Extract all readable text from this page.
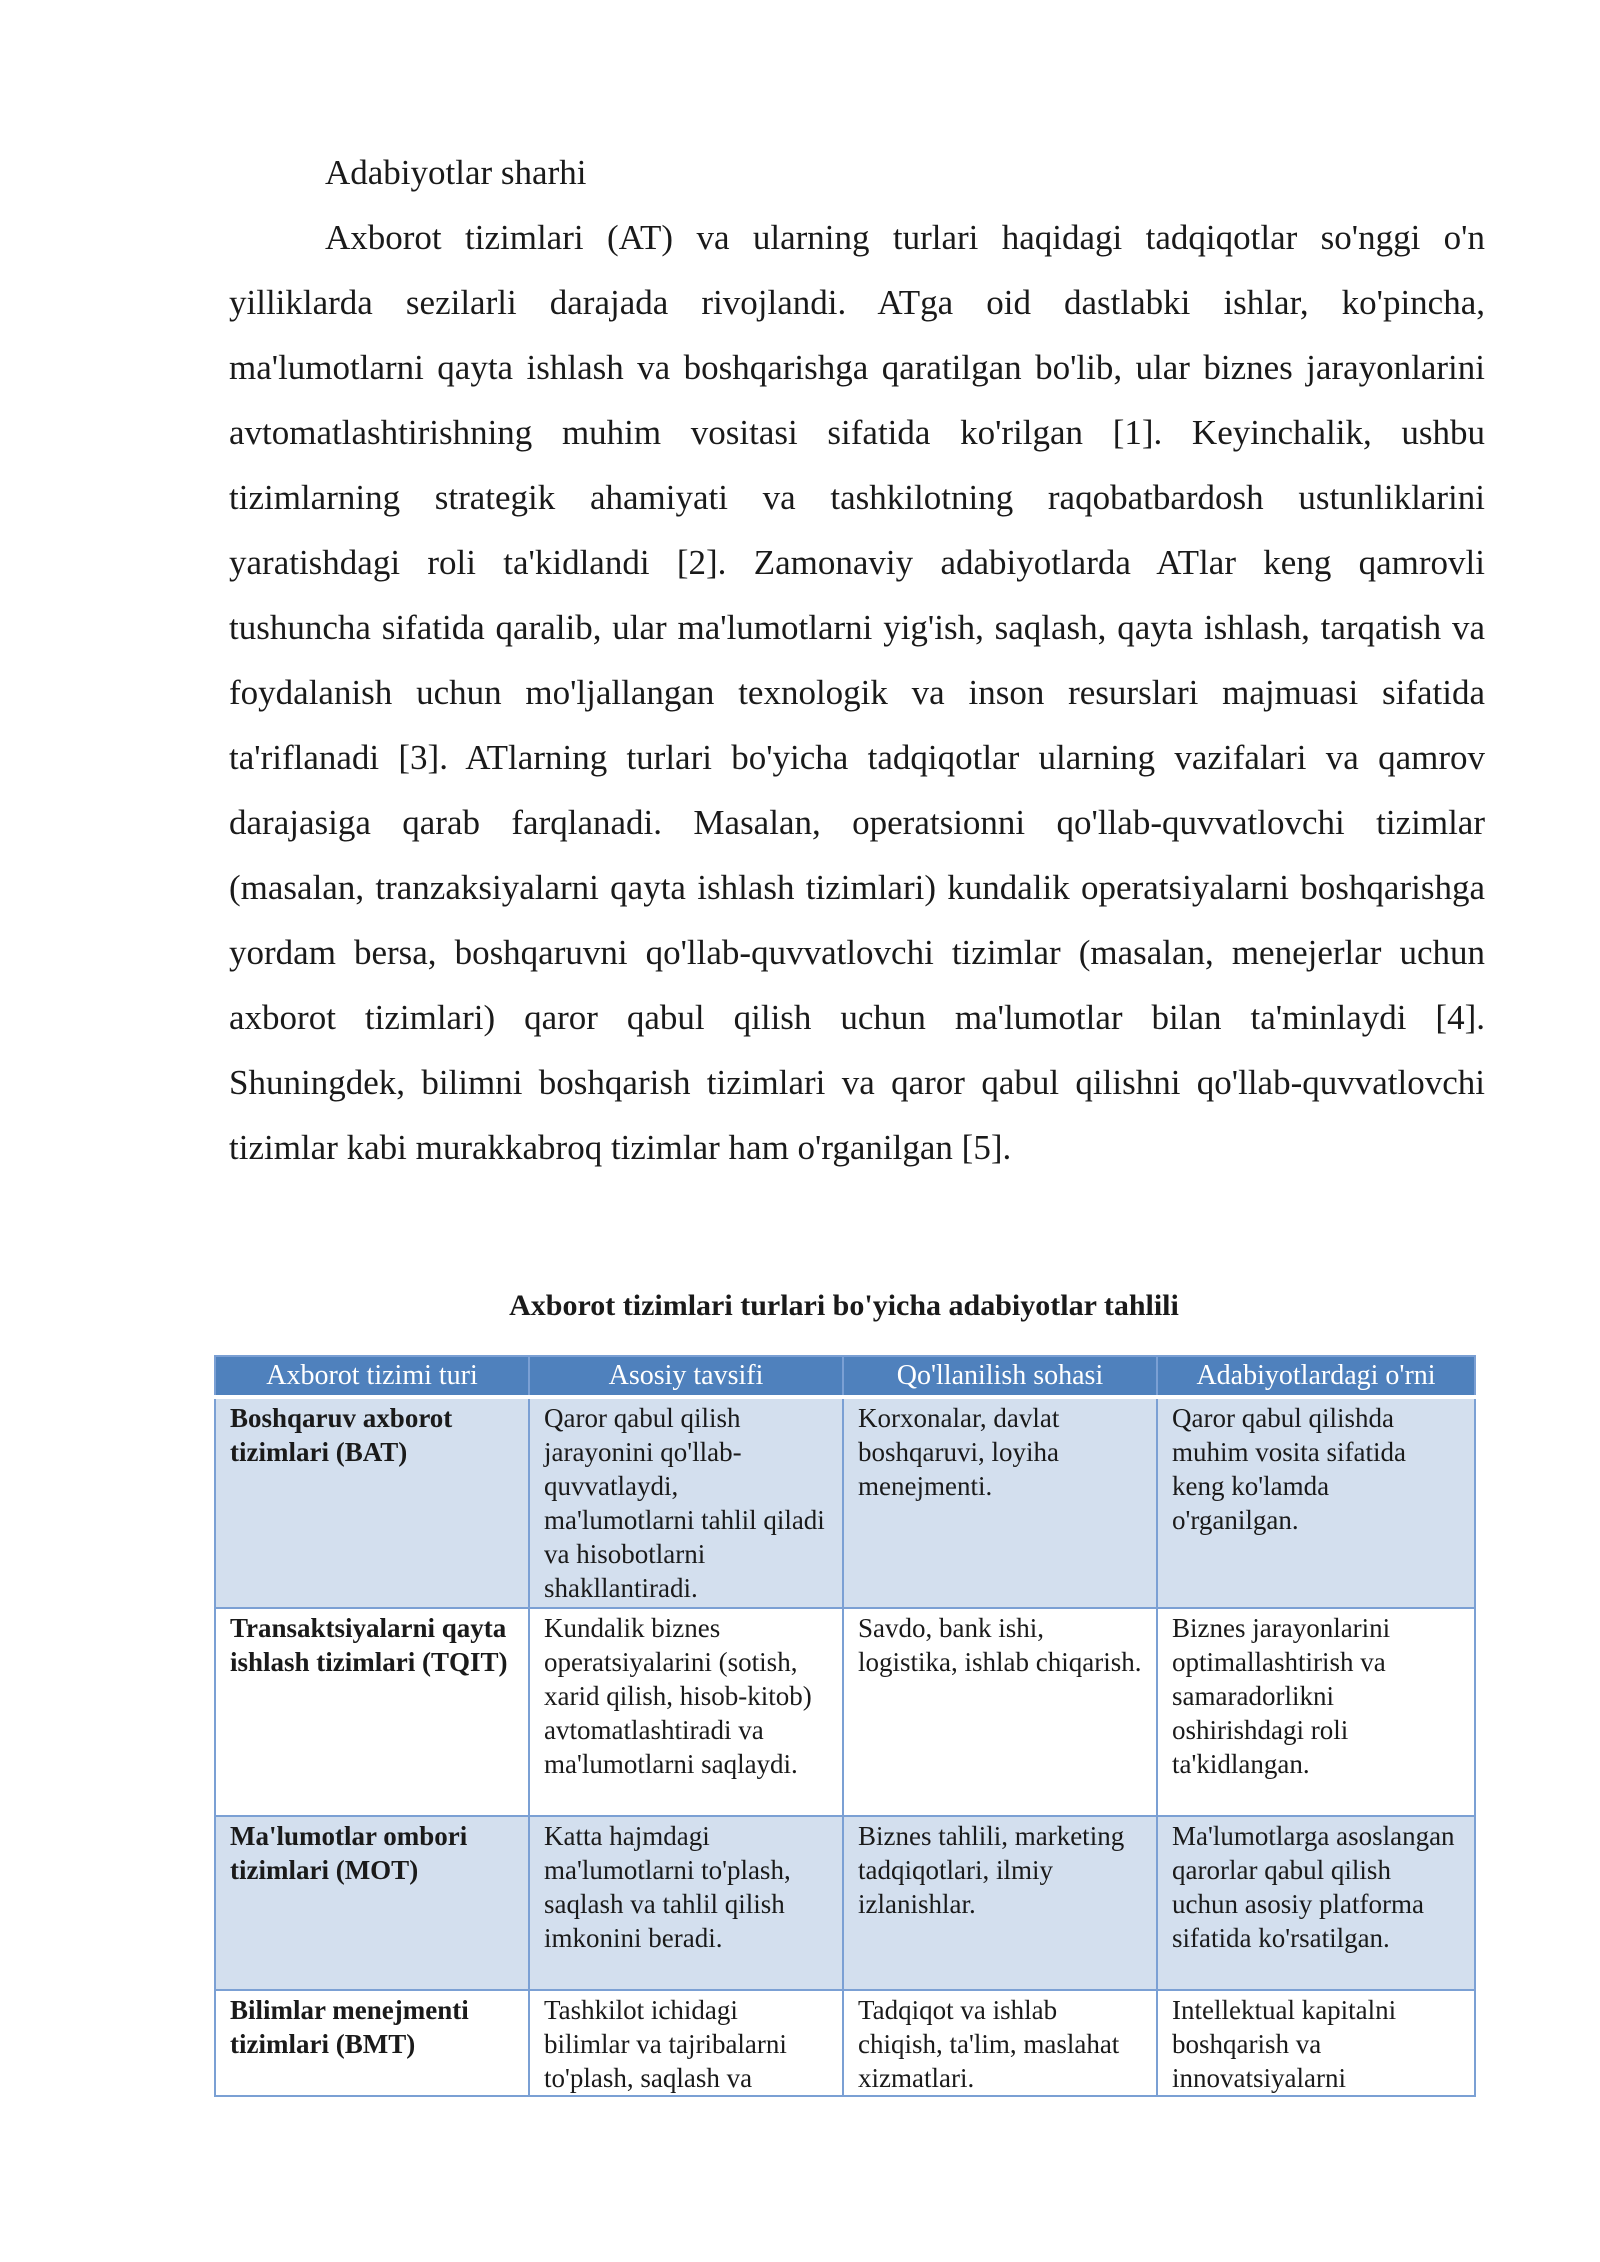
Adabiyotlar sharhi

Axborot tizimlari (AT) va ularning turlari haqidagi tadqiqotlar so'nggi o'n yilliklarda sezilarli darajada rivojlandi. ATga oid dastlabki ishlar, ko'pincha, ma'lumotlarni qayta ishlash va boshqarishga qaratilgan bo'lib, ular biznes jarayonlarini avtomatlashtirishning muhim vositasi sifatida ko'rilgan [1]. Keyinchalik, ushbu tizimlarning strategik ahamiyati va tashkilotning raqobatbardosh ustunliklarini yaratishdagi roli ta'kidlandi [2]. Zamonaviy adabiyotlarda ATlar keng qamrovli tushuncha sifatida qaralib, ular ma'lumotlarni yig'ish, saqlash, qayta ishlash, tarqatish va foydalanish uchun mo'ljallangan texnologik va inson resurslari majmuasi sifatida ta'riflanadi [3]. ATlarning turlari bo'yicha tadqiqotlar ularning vazifalari va qamrov darajasiga qarab farqlanadi. Masalan, operatsionni qo'llab-quvvatlovchi tizimlar (masalan, tranzaksiyalarni qayta ishlash tizimlari) kundalik operatsiyalarni boshqarishga yordam bersa, boshqaruvni qo'llab-quvvatlovchi tizimlar (masalan, menejerlar uchun axborot tizimlari) qaror qabul qilish uchun ma'lumotlar bilan ta'minlaydi [4]. Shuningdek, bilimni boshqarish tizimlari va qaror qabul qilishni qo'llab-quvvatlovchi tizimlar kabi murakkabroq tizimlar ham o'rganilgan [5].

Axborot tizimlari turlari bo'yicha adabiyotlar tahlili
Axborot tizimi turi	Asosiy tavsifi	Qo'llanilish sohasi	Adabiyotlardagi o'rni
Boshqaruv axborot tizimlari (BAT)	Qaror qabul qilish jarayonini qo'llab-quvvatlaydi, ma'lumotlarni tahlil qiladi va hisobotlarni shakllantiradi.	Korxonalar, davlat boshqaruvi, loyiha menejmenti.	Qaror qabul qilishda muhim vosita sifatida keng ko'lamda o'rganilgan.
Transaktsiyalarni qayta ishlash tizimlari (TQIT)	Kundalik biznes operatsiyalarini (sotish, xarid qilish, hisob-kitob) avtomatlashtiradi va ma'lumotlarni saqlaydi.	Savdo, bank ishi, logistika, ishlab chiqarish.	Biznes jarayonlarini optimallashtirish va samaradorlikni oshirishdagi roli ta'kidlangan.
Ma'lumotlar ombori tizimlari (MOT)	Katta hajmdagi ma'lumotlarni to'plash, saqlash va tahlil qilish imkonini beradi.	Biznes tahlili, marketing tadqiqotlari, ilmiy izlanishlar.	Ma'lumotlarga asoslangan qarorlar qabul qilish uchun asosiy platforma sifatida ko'rsatilgan.
Bilimlar menejmenti tizimlari (BMT)	Tashkilot ichidagi bilimlar va tajribalarni to'plash, saqlash va	Tadqiqot va ishlab chiqish, ta'lim, maslahat xizmatlari.	Intellektual kapitalni boshqarish va innovatsiyalarni
